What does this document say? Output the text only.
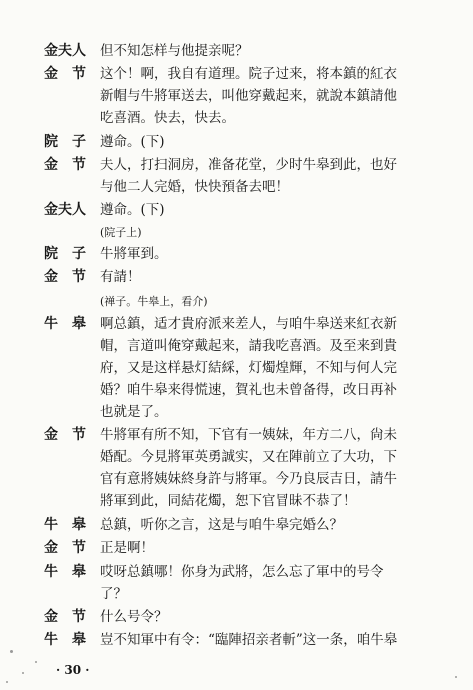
金夫人	但不知怎样与他提亲呢？
金　节	这个！啊，我自有道理。院子过来，将本鎮的紅衣
新帽与牛將軍送去，叫他穿戴起来，就說本鎮請他
吃喜酒。快去，快去。
院　子	遵命。(下)
金　节	夫人，打扫洞房，准备花堂，少时牛皋到此，也好
与他二人完婚，快快預备去吧！
金夫人	遵命。(下)
(院子上)
院　子	牛將軍到。
金　节	有請！
(禅子。牛皋上，看介)
牛　皋	啊总鎮，适才貴府派来差人，与咱牛皋送来紅衣新
帽，言道叫俺穿戴起来，請我吃喜酒。及至来到貴
府，又是这样悬灯結綵，灯燭煌輝，不知与何人完
婚？咱牛皋来得慌速，賀礼也未曾备得，改日再补
也就是了。
金　节	牛將軍有所不知，下官有一姨妹，年方二八，尙未
婚配。今見將軍英勇誠实，又在陣前立了大功，下
官有意將姨妹終身許与將軍。今乃良辰吉日，請牛
將軍到此，同結花燭，恕下官冒昧不恭了！
牛　皋	总鎮，听你之言，这是与咱牛皋完婚么？
金　节	正是啊！
牛　皋	哎呀总鎮哪！你身为武將，怎么忘了軍中的号令
了？
金　节	什么号令？
牛　皋	豈不知軍中有令：“臨陣招亲者斬”这一条，咱牛皋
· 30 ·
